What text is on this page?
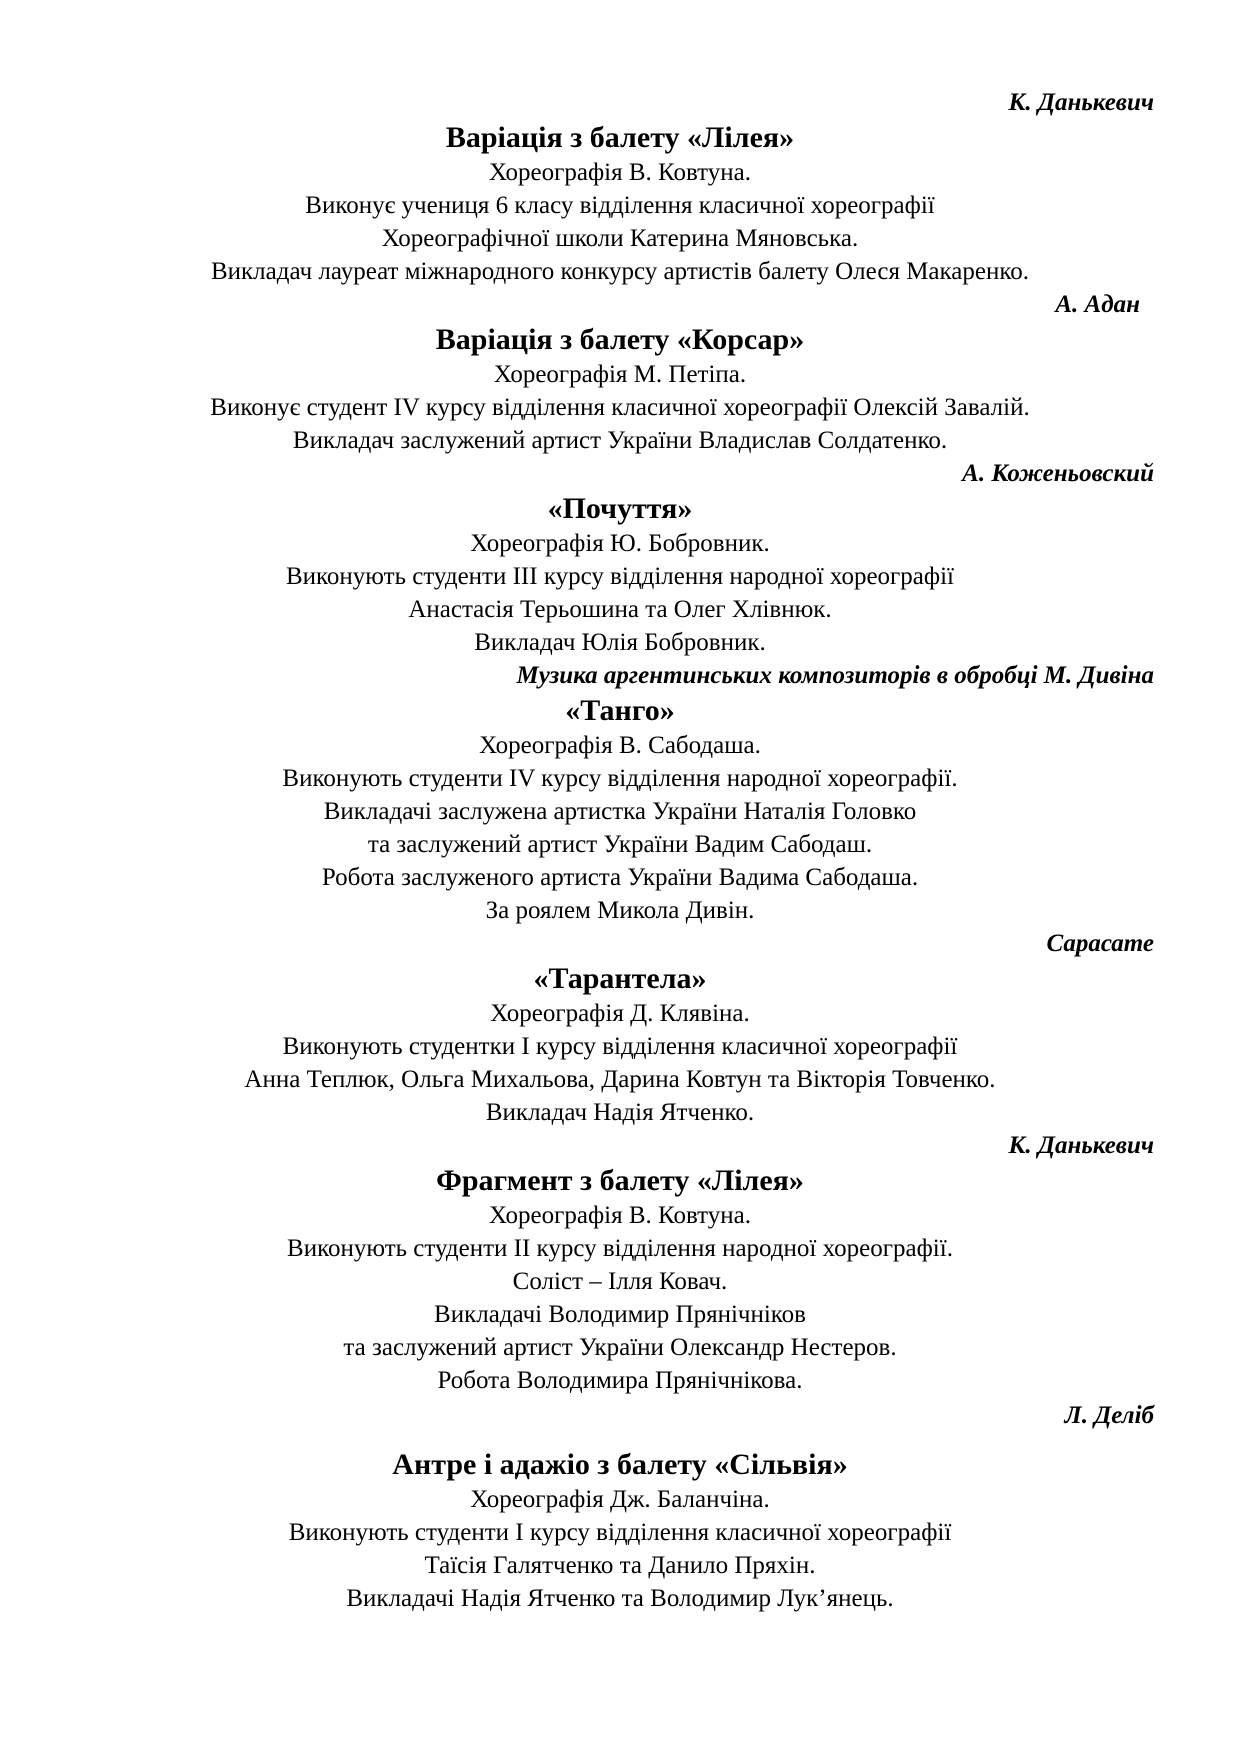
К. Данькевич
Варіація з балету «Лілея»
Хореографія В. Ковтуна.
Виконує учениця 6 класу відділення класичної хореографії
Хореографічної школи Катерина Мяновська.
Викладач лауреат міжнародного конкурсу артистів балету Олеся Макаренко.
А. Адан
Варіація з балету «Корсар»
Хореографія М. Петіпа.
Виконує студент IV курсу відділення класичної хореографії Олексій Завалій.
Викладач заслужений артист України Владислав Солдатенко.
А. Коженьовский
«Почуття»
Хореографія Ю. Бобровник.
Виконують студенти III курсу відділення народної хореографії
Анастасія Терьошина та Олег Хлівнюк.
Викладач Юлія Бобровник.
Музика аргентинських композиторів в обробці М. Дивіна
«Танго»
Хореографія В. Сабодаша.
Виконують студенти IV курсу відділення народної хореографії.
Викладачі заслужена артистка України Наталія Головко
та заслужений артист України Вадим Сабодаш.
Робота заслуженого артиста України Вадима Сабодаша.
За роялем Микола Дивін.
Сарасате
«Тарантела»
Хореографія Д. Клявіна.
Виконують студентки I курсу відділення класичної хореографії
Анна Теплюк, Ольга Михальова, Дарина Ковтун та Вікторія Товченко.
Викладач Надія Ятченко.
К. Данькевич
Фрагмент з балету «Лілея»
Хореографія В. Ковтуна.
Виконують студенти II курсу відділення народної хореографії.
Соліст – Ілля Ковач.
Викладачі Володимир Прянічніков
та заслужений артист України Олександр Нестеров.
Робота Володимира Прянічнікова.
Л. Деліб
Антре і адажіо з балету «Сільвія»
Хореографія Дж. Баланчіна.
Виконують студенти I курсу відділення класичної хореографії
Таїсія Галятченко та Данило Пряхін.
Викладачі Надія Ятченко та Володимир Лук’янець.
